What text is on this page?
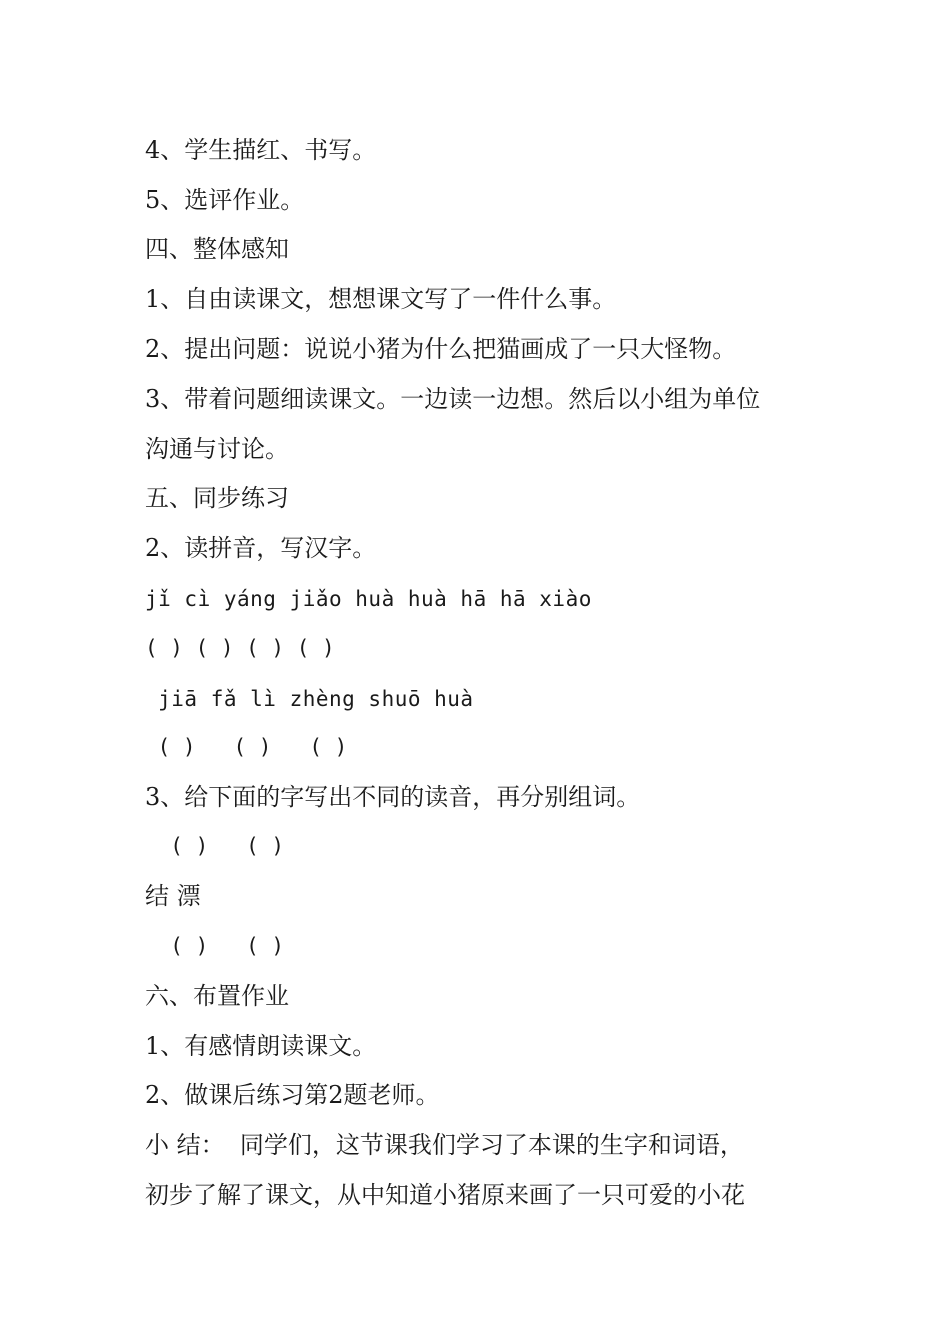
4、学生描红、书写。

5、选评作业。

四、整体感知

1、自由读课文，想想课文写了一件什么事。

2、提出问题：说说小猪为什么把猫画成了一只大怪物。

3、带着问题细读课文。一边读一边想。然后以小组为单位

沟通与讨论。

五、同步练习

2、读拼音，写汉字。

jǐ cì yáng jiǎo huà huà hā hā xiào

( ) ( ) ( ) ( )

jiā fǎ lì zhèng shuō huà

( )   ( )   ( )

3、给下面的字写出不同的读音，再分别组词。

( )   ( )

结 漂

( )   ( )

六、布置作业

1、有感情朗读课文。

2、做课后练习第2题老师。

小 结：  同学们，这节课我们学习了本课的生字和词语，

初步了解了课文，从中知道小猪原来画了一只可爱的小花
